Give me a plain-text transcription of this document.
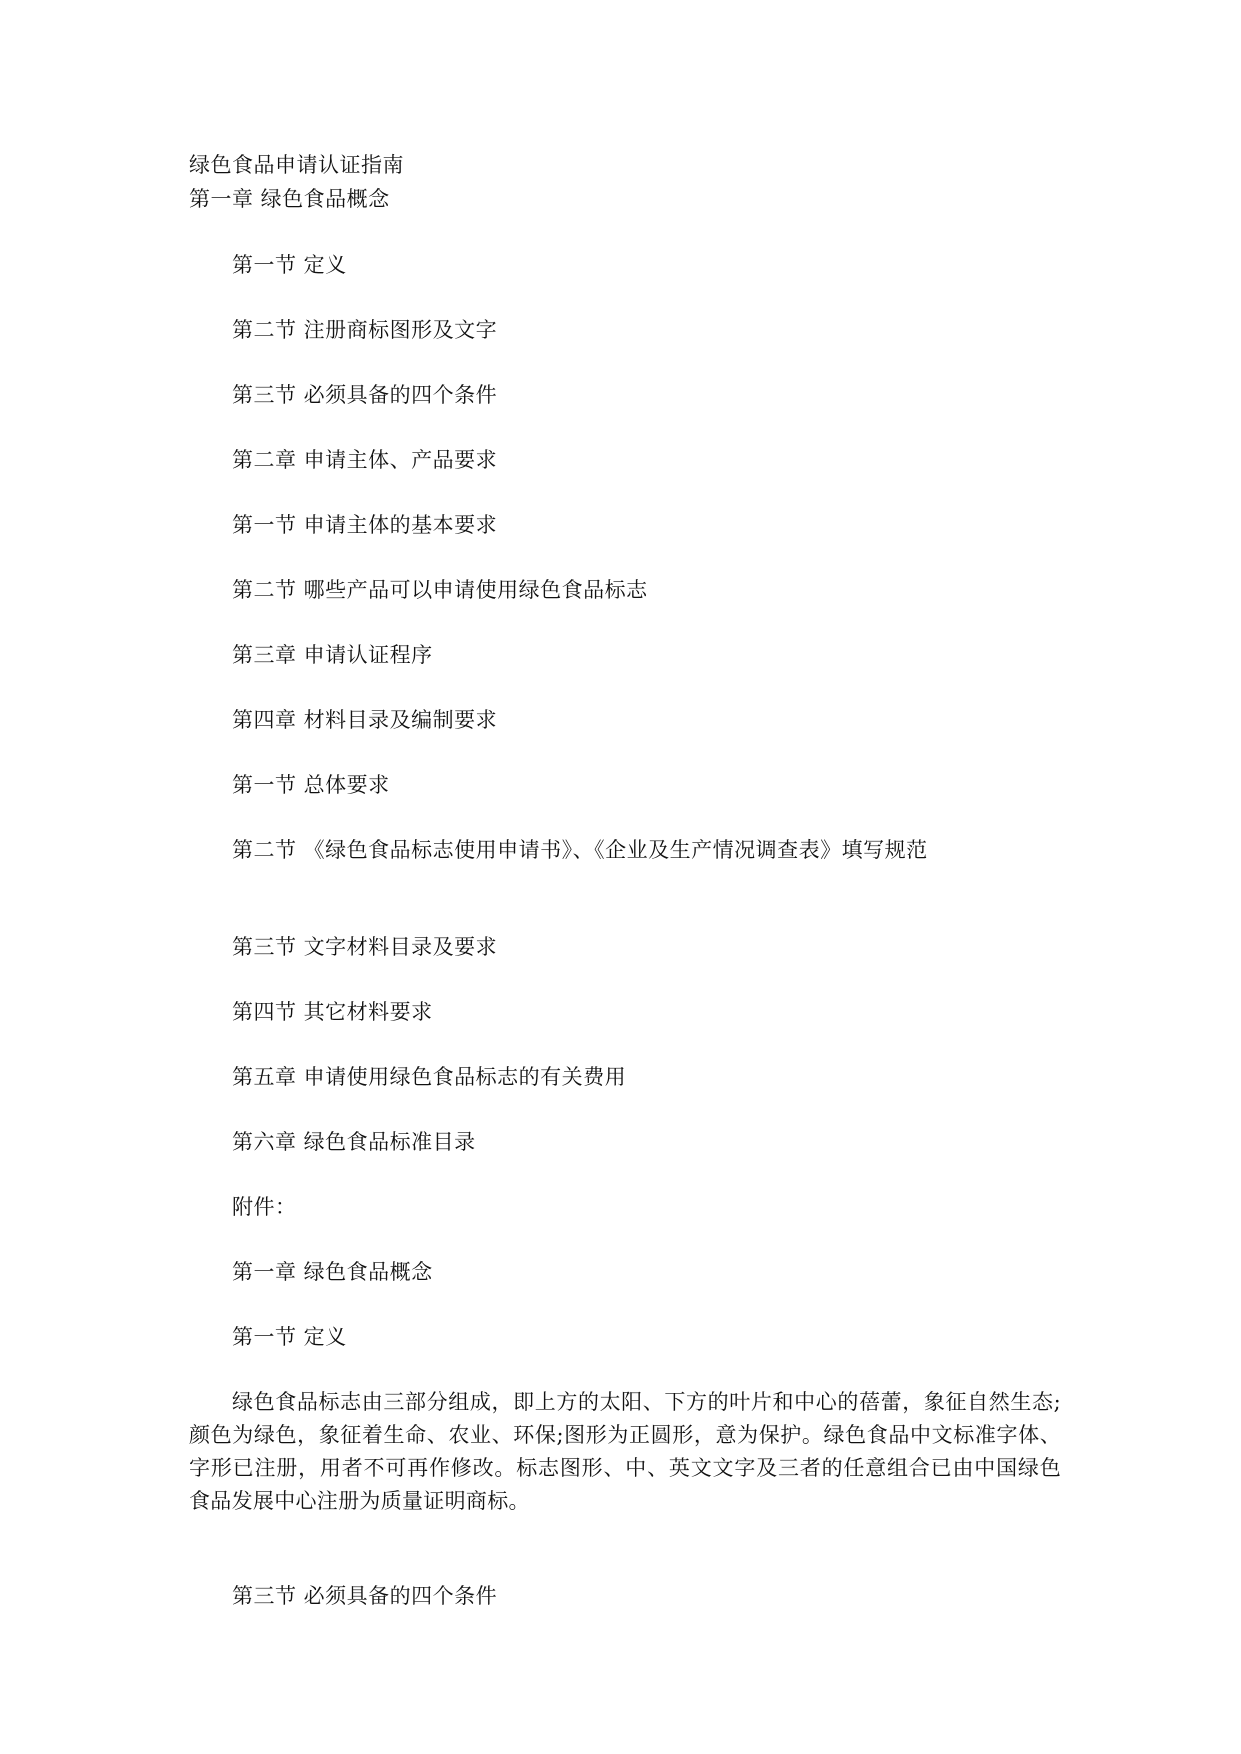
绿色食品申请认证指南
第一章 绿色食品概念
第一节 定义
第二节 注册商标图形及文字
第三节 必须具备的四个条件
第二章 申请主体、产品要求
第一节 申请主体的基本要求
第二节 哪些产品可以申请使用绿色食品标志
第三章 申请认证程序
第四章 材料目录及编制要求
第一节 总体要求
第二节 《绿色食品标志使用申请书》、《企业及生产情况调查表》填写规范
第三节 文字材料目录及要求
第四节 其它材料要求
第五章 申请使用绿色食品标志的有关费用
第六章 绿色食品标准目录
附件：
第一章 绿色食品概念
第一节 定义
绿色食品标志由三部分组成，即上方的太阳、下方的叶片和中心的蓓蕾，象征自然生态;颜色为绿色，象征着生命、农业、环保;图形为正圆形，意为保护。绿色食品中文标准字体、字形已注册，用者不可再作修改。标志图形、中、英文文字及三者的任意组合已由中国绿色食品发展中心注册为质量证明商标。
第三节 必须具备的四个条件
